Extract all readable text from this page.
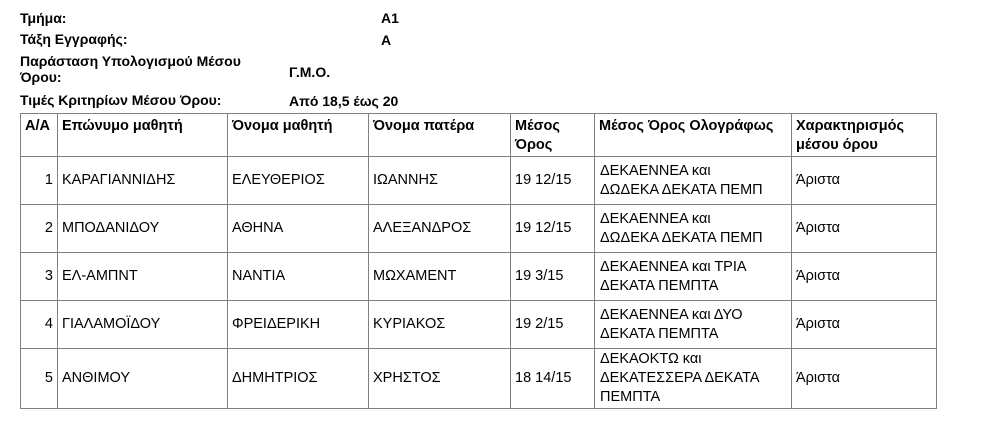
Τμήμα:	Α1

Τάξη Εγγραφής:	Α

Παράσταση Υπολογισμού Μέσου

Όρου:	Γ.Μ.Ο.

Τιμές Κριτηρίων Μέσου Όρου:	Από 18,5 έως 20

Α/Α	Επώνυμο μαθητή	Όνομα μαθητή	Όνομα πατέρα	Μέσος Όρος	Μέσος Όρος Ολογράφως	Χαρακτηρισμός μέσου όρου
1	ΚΑΡΑΓΙΑΝΝΙΔΗΣ	ΕΛΕΥΘΕΡΙΟΣ	ΙΩΑΝΝΗΣ	19 12/15	ΔΕΚΑΕΝΝΕΑ και
ΔΩΔΕΚΑ ΔΕΚΑΤΑ ΠΕΜΠ	Άριστα
2	ΜΠΟΔΑΝΙΔΟΥ	ΑΘΗΝΑ	ΑΛΕΞΑΝΔΡΟΣ	19 12/15	ΔΕΚΑΕΝΝΕΑ και
ΔΩΔΕΚΑ ΔΕΚΑΤΑ ΠΕΜΠ	Άριστα
3	ΕΛ-ΑΜΠΝΤ	ΝΑΝΤΙΑ	ΜΩΧΑΜΕΝΤ	19 3/15	ΔΕΚΑΕΝΝΕΑ και ΤΡΙΑ
ΔΕΚΑΤΑ ΠΕΜΠΤΑ	Άριστα
4	ΓΙΑΛΑΜΟΪΔΟΥ	ΦΡΕΙΔΕΡΙΚΗ	ΚΥΡΙΑΚΟΣ	19 2/15	ΔΕΚΑΕΝΝΕΑ και ΔΥΟ
ΔΕΚΑΤΑ ΠΕΜΠΤΑ	Άριστα
5	ΑΝΘΙΜΟΥ	ΔΗΜΗΤΡΙΟΣ	ΧΡΗΣΤΟΣ	18 14/15	ΔΕΚΑΟΚΤΩ και
ΔΕΚΑΤΕΣΣΕΡΑ ΔΕΚΑΤΑ
ΠΕΜΠΤΑ	Άριστα
